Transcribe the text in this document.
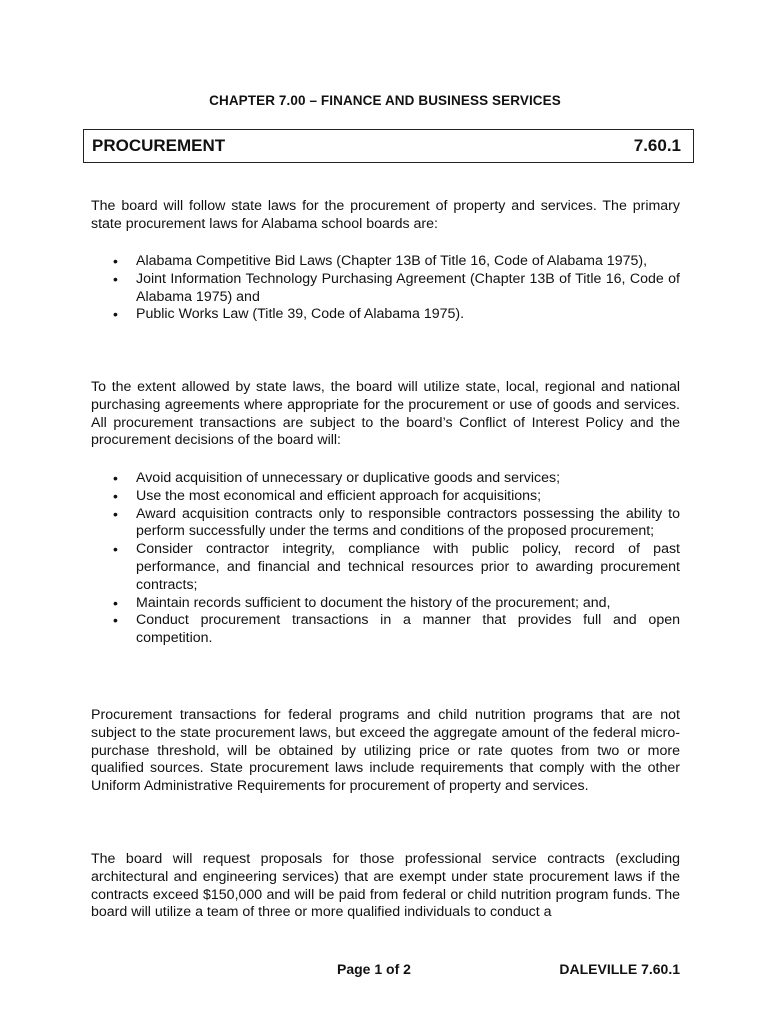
CHAPTER 7.00 – FINANCE AND BUSINESS SERVICES
PROCUREMENT	7.60.1

The board will follow state laws for the procurement of property and services. The primary state procurement laws for Alabama school boards are:

• Alabama Competitive Bid Laws (Chapter 13B of Title 16, Code of Alabama 1975),
• Joint Information Technology Purchasing Agreement (Chapter 13B of Title 16, Code of Alabama 1975) and
• Public Works Law (Title 39, Code of Alabama 1975).

To the extent allowed by state laws, the board will utilize state, local, regional and national purchasing agreements where appropriate for the procurement or use of goods and services. All procurement transactions are subject to the board’s Conflict of Interest Policy and the procurement decisions of the board will:

• Avoid acquisition of unnecessary or duplicative goods and services;
• Use the most economical and efficient approach for acquisitions;
• Award acquisition contracts only to responsible contractors possessing the ability to perform successfully under the terms and conditions of the proposed procurement;
• Consider contractor integrity, compliance with public policy, record of past performance, and financial and technical resources prior to awarding procurement contracts;
• Maintain records sufficient to document the history of the procurement; and,
• Conduct procurement transactions in a manner that provides full and open competition.

Procurement transactions for federal programs and child nutrition programs that are not subject to the state procurement laws, but exceed the aggregate amount of the federal micro-purchase threshold, will be obtained by utilizing price or rate quotes from two or more qualified sources. State procurement laws include requirements that comply with the other Uniform Administrative Requirements for procurement of property and services.

The board will request proposals for those professional service contracts (excluding architectural and engineering services) that are exempt under state procurement laws if the contracts exceed $150,000 and will be paid from federal or child nutrition program funds. The board will utilize a team of three or more qualified individuals to conduct a

Page 1 of 2	DALEVILLE 7.60.1
